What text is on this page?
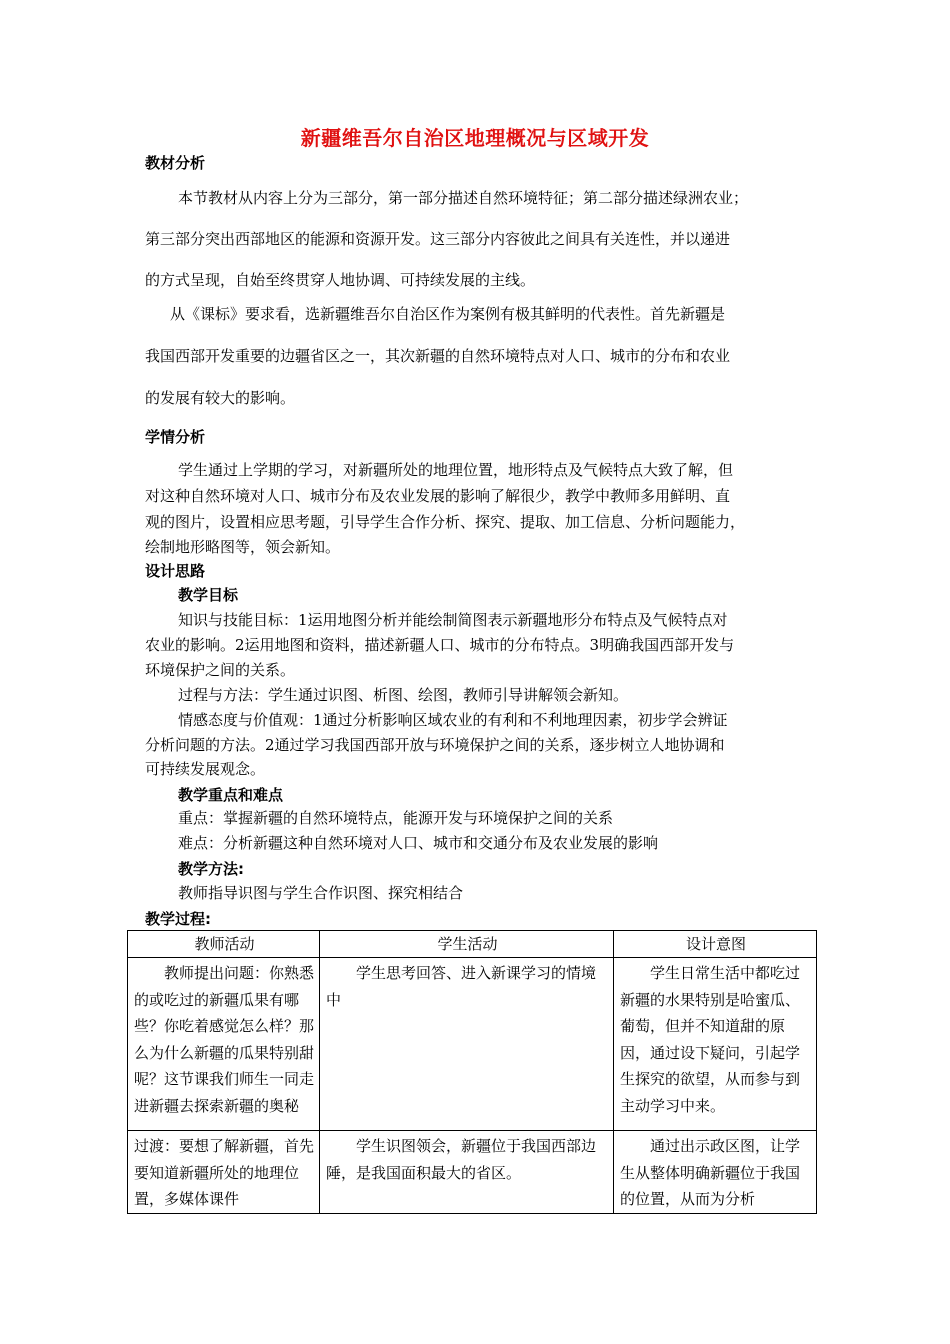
新疆维吾尔自治区地理概况与区域开发
教材分析
本节教材从内容上分为三部分，第一部分描述自然环境特征；第二部分描述绿洲农业；
第三部分突出西部地区的能源和资源开发。这三部分内容彼此之间具有关连性，并以递进
的方式呈现，自始至终贯穿人地协调、可持续发展的主线。
从《课标》要求看，选新疆维吾尔自治区作为案例有极其鲜明的代表性。首先新疆是
我国西部开发重要的边疆省区之一，其次新疆的自然环境特点对人口、城市的分布和农业
的发展有较大的影响。
学情分析
学生通过上学期的学习，对新疆所处的地理位置，地形特点及气候特点大致了解，但
对这种自然环境对人口、城市分布及农业发展的影响了解很少，教学中教师多用鲜明、直
观的图片，设置相应思考题，引导学生合作分析、探究、提取、加工信息、分析问题能力，
绘制地形略图等，领会新知。
设计思路
教学目标
知识与技能目标：1运用地图分析并能绘制简图表示新疆地形分布特点及气候特点对
农业的影响。2运用地图和资料，描述新疆人口、城市的分布特点。3明确我国西部开发与
环境保护之间的关系。
过程与方法：学生通过识图、析图、绘图，教师引导讲解领会新知。
情感态度与价值观：1通过分析影响区域农业的有利和不利地理因素，初步学会辨证
分析问题的方法。2通过学习我国西部开放与环境保护之间的关系，逐步树立人地协调和
可持续发展观念。
教学重点和难点
重点：掌握新疆的自然环境特点，能源开发与环境保护之间的关系
难点：分析新疆这种自然环境对人口、城市和交通分布及农业发展的影响
教学方法:
教师指导识图与学生合作识图、探究相结合
教学过程:
教师活动	学生活动	设计意图
教师提出问题：你熟悉的或吃过的新疆瓜果有哪些？你吃着感觉怎么样？那么为什么新疆的瓜果特别甜呢？这节课我们师生一同走进新疆去探索新疆的奥秘	学生思考回答、进入新课学习的情境中	学生日常生活中都吃过新疆的水果特别是哈蜜瓜、葡萄，但并不知道甜的原因，通过设下疑问，引起学生探究的欲望，从而参与到主动学习中来。
过渡：要想了解新疆，首先要知道新疆所处的地理位置，多媒体课件	学生识图领会，新疆位于我国西部边陲，是我国面积最大的省区。	通过出示政区图，让学生从整体明确新疆位于我国的位置，从而为分析
